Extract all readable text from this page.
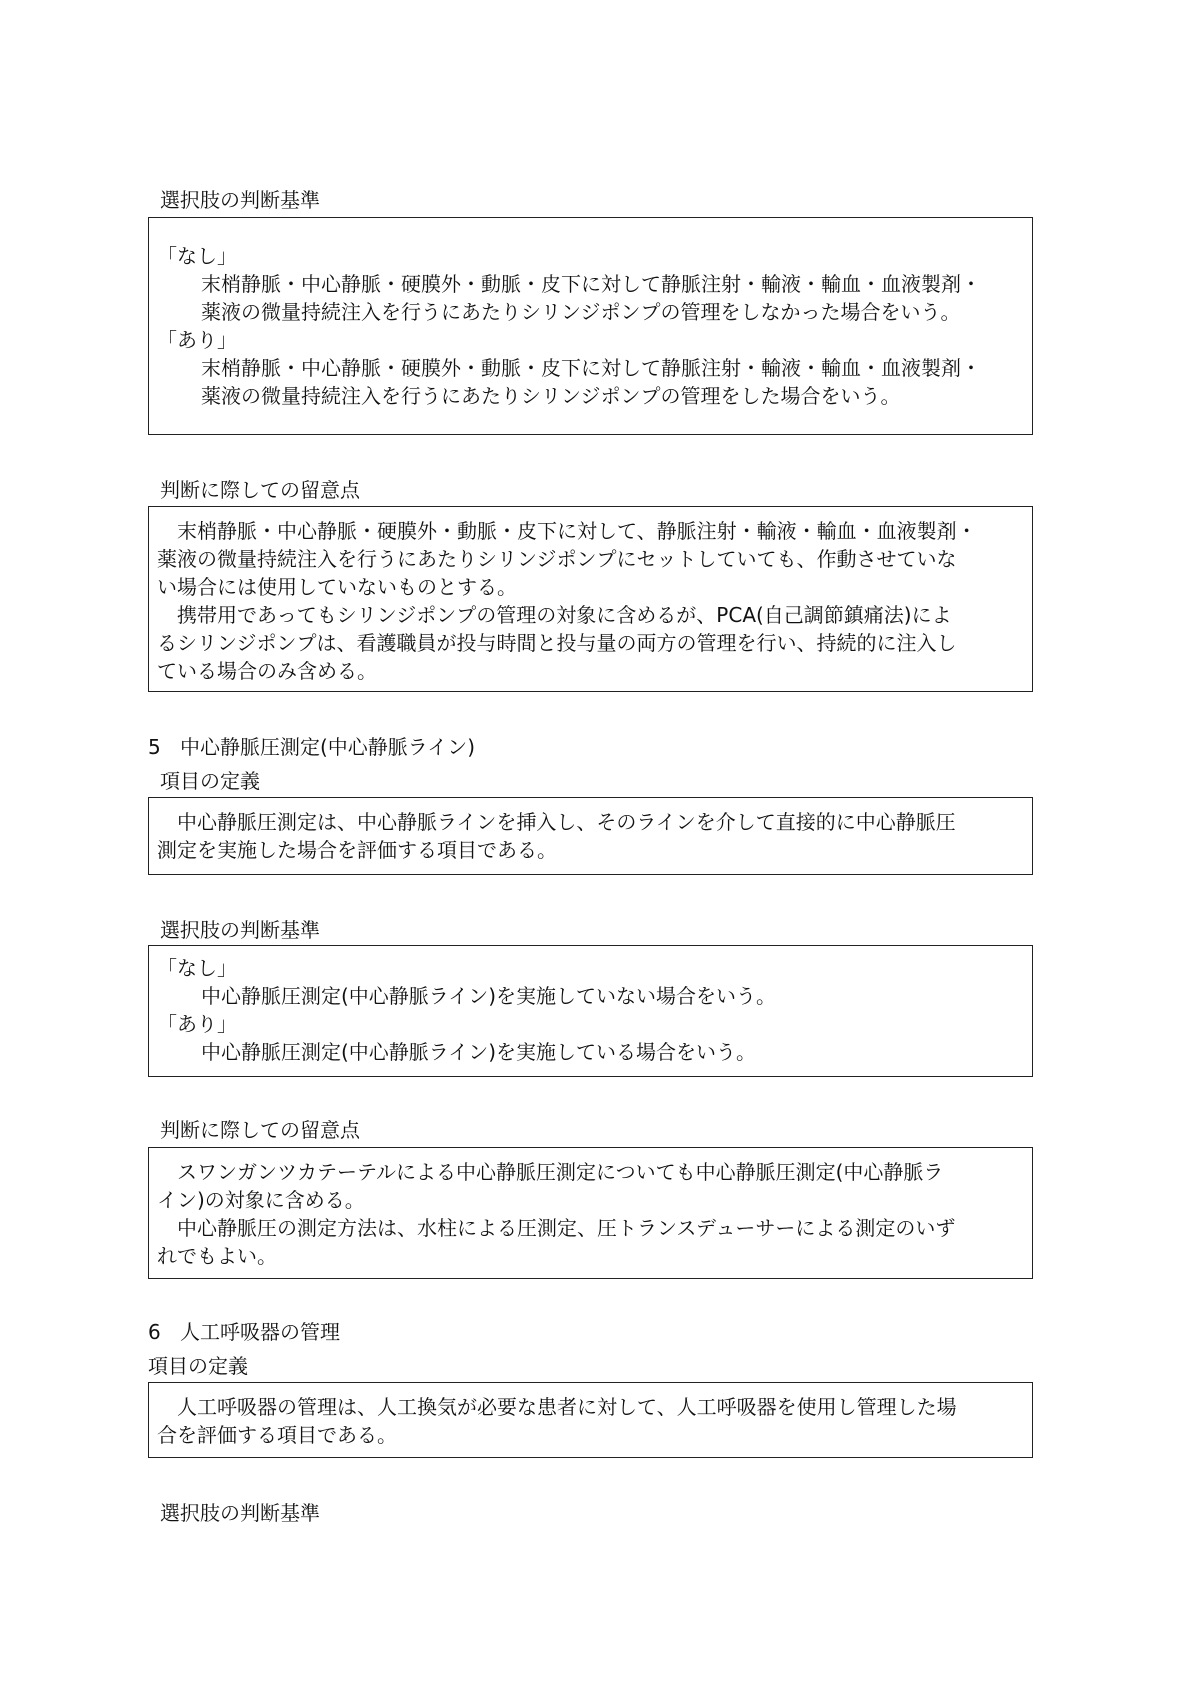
選択肢の判断基準
「なし」
末梢静脈・中心静脈・硬膜外・動脈・皮下に対して静脈注射・輸液・輸血・血液製剤・
薬液の微量持続注入を行うにあたりシリンジポンプの管理をしなかった場合をいう。
「あり」
末梢静脈・中心静脈・硬膜外・動脈・皮下に対して静脈注射・輸液・輸血・血液製剤・
薬液の微量持続注入を行うにあたりシリンジポンプの管理をした場合をいう。
判断に際しての留意点
末梢静脈・中心静脈・硬膜外・動脈・皮下に対して、静脈注射・輸液・輸血・血液製剤・
薬液の微量持続注入を行うにあたりシリンジポンプにセットしていても、作動させていな
い場合には使用していないものとする。
携帯用であってもシリンジポンプの管理の対象に含めるが、PCA(自己調節鎮痛法)によ
るシリンジポンプは、看護職員が投与時間と投与量の両方の管理を行い、持続的に注入し
ている場合のみ含める。
5 中心静脈圧測定(中心静脈ライン)
項目の定義
中心静脈圧測定は、中心静脈ラインを挿入し、そのラインを介して直接的に中心静脈圧
測定を実施した場合を評価する項目である。
選択肢の判断基準
「なし」
中心静脈圧測定(中心静脈ライン)を実施していない場合をいう。
「あり」
中心静脈圧測定(中心静脈ライン)を実施している場合をいう。
判断に際しての留意点
スワンガンツカテーテルによる中心静脈圧測定についても中心静脈圧測定(中心静脈ラ
イン)の対象に含める。
中心静脈圧の測定方法は、水柱による圧測定、圧トランスデューサーによる測定のいず
れでもよい。
6 人工呼吸器の管理
項目の定義
人工呼吸器の管理は、人工換気が必要な患者に対して、人工呼吸器を使用し管理した場
合を評価する項目である。
選択肢の判断基準
